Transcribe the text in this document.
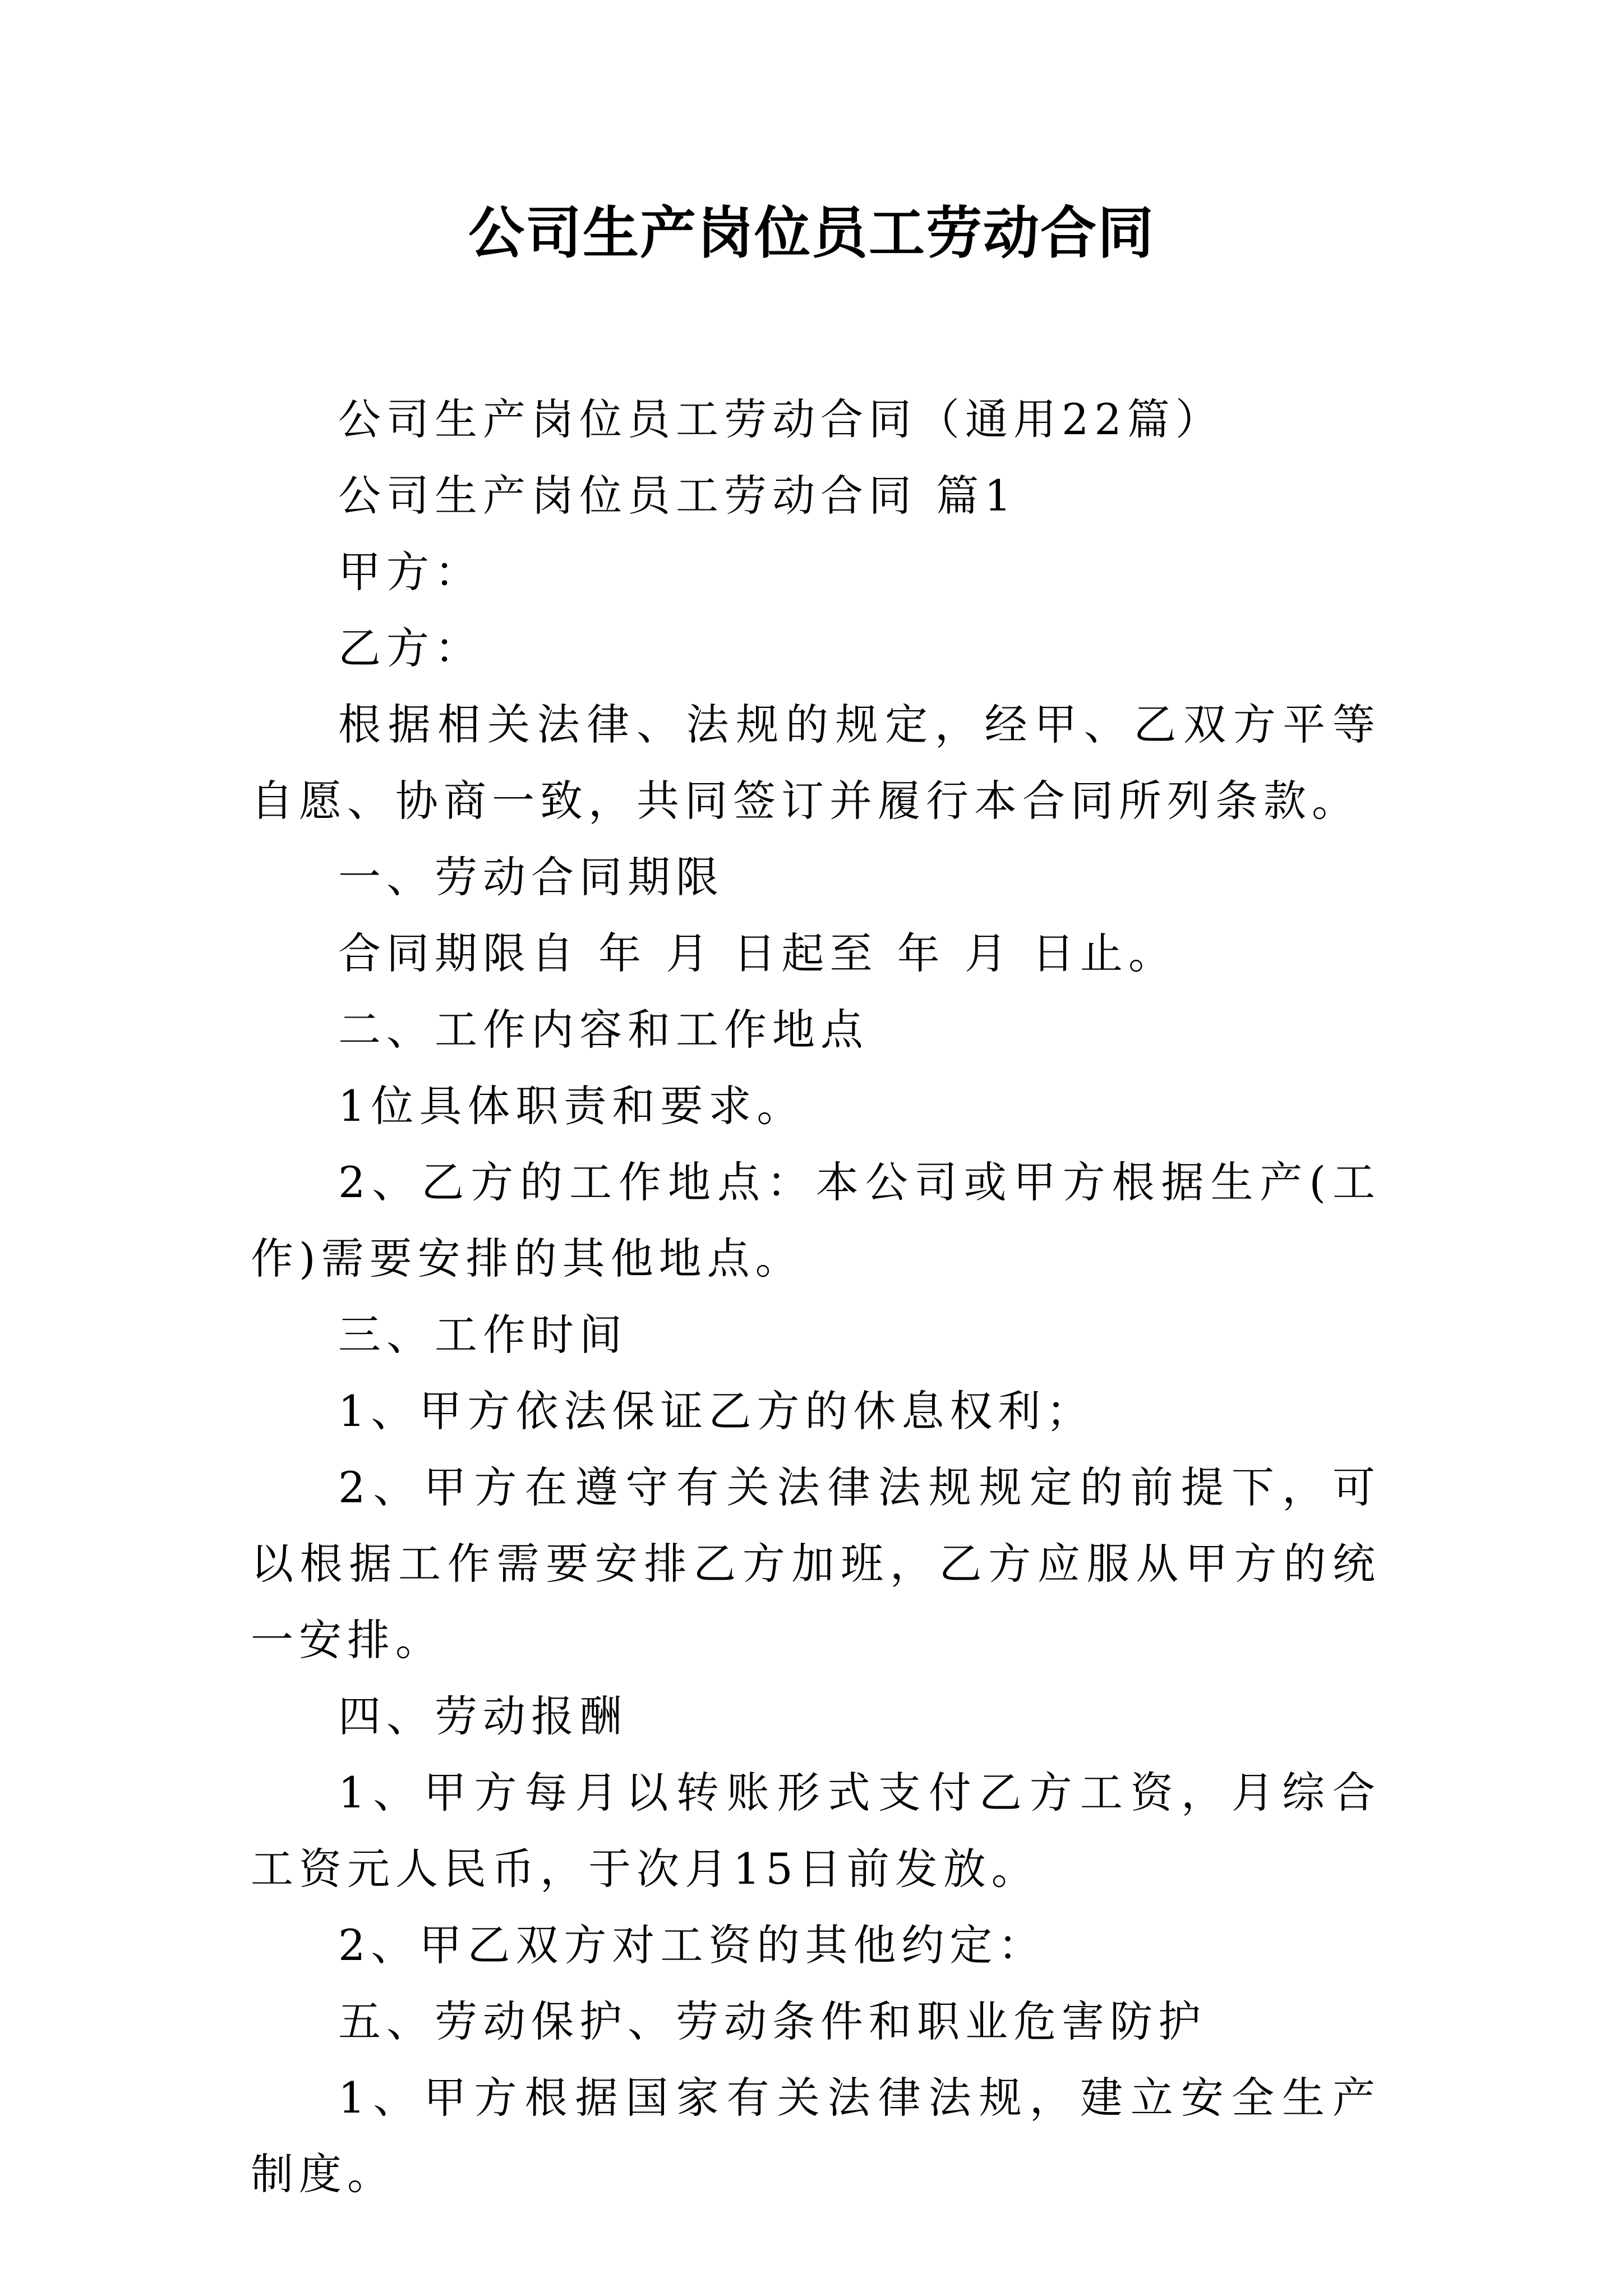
公司生产岗位员工劳动合同

公司生产岗位员工劳动合同（通用22篇）

公司生产岗位员工劳动合同 篇1

甲方：

乙方：

根据相关法律、法规的规定，经甲、乙双方平等自愿、协商一致，共同签订并履行本合同所列条款。

一、劳动合同期限

合同期限自 年 月 日起至 年 月 日止。

二、工作内容和工作地点

1位具体职责和要求。

2、乙方的工作地点：本公司或甲方根据生产(工作)需要安排的其他地点。

三、工作时间

1、甲方依法保证乙方的休息权利；

2、甲方在遵守有关法律法规规定的前提下，可以根据工作需要安排乙方加班，乙方应服从甲方的统一安排。

四、劳动报酬

1、甲方每月以转账形式支付乙方工资，月综合工资元人民币，于次月15日前发放。

2、甲乙双方对工资的其他约定：

五、劳动保护、劳动条件和职业危害防护

1、甲方根据国家有关法律法规，建立安全生产制度。
